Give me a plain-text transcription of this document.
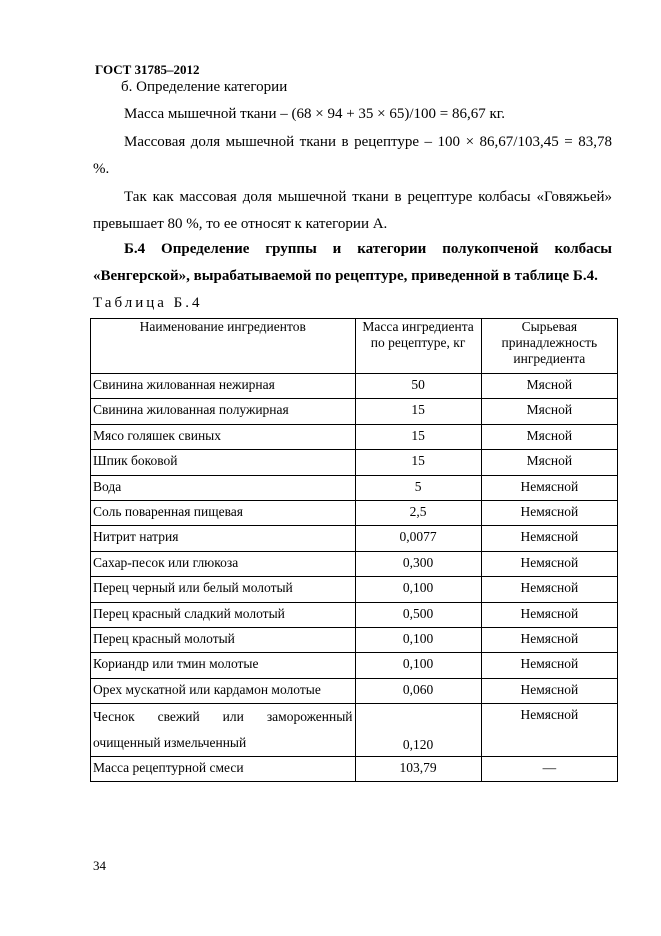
ГОСТ 31785–2012
б. Определение категории
Масса мышечной ткани – (68 × 94 + 35 × 65)/100 = 86,67 кг.

Массовая доля мышечной ткани в рецептуре – 100 × 86,67/103,45 = 83,78 %.

Так как массовая доля мышечной ткани в рецептуре колбасы «Говяжьей» превышает 80 %, то ее относят к категории А.

Б.4 Определение группы и категории полукопченой колбасы «Венгерской», вырабатываемой по рецептуре, приведенной в таблице Б.4.

Таблица Б.4
Наименование ингредиентов	Масса ингредиента по рецептуре, кг	Сырьевая принадлежность ингредиента
Свинина жилованная нежирная	50	Мясной
Свинина жилованная полужирная	15	Мясной
Мясо голяшек свиных	15	Мясной
Шпик боковой	15	Мясной
Вода	5	Немясной
Соль поваренная пищевая	2,5	Немясной
Нитрит натрия	0,0077	Немясной
Сахар-песок или глюкоза	0,300	Немясной
Перец черный или белый молотый	0,100	Немясной
Перец красный сладкий молотый	0,500	Немясной
Перец красный молотый	0,100	Немясной
Кориандр или тмин молотые	0,100	Немясной
Орех мускатной или кардамон молотые	0,060	Немясной
Чеснок свежий или замороженный очищенный измельченный	0,120	Немясной
Масса рецептурной смеси	103,79	—
34
